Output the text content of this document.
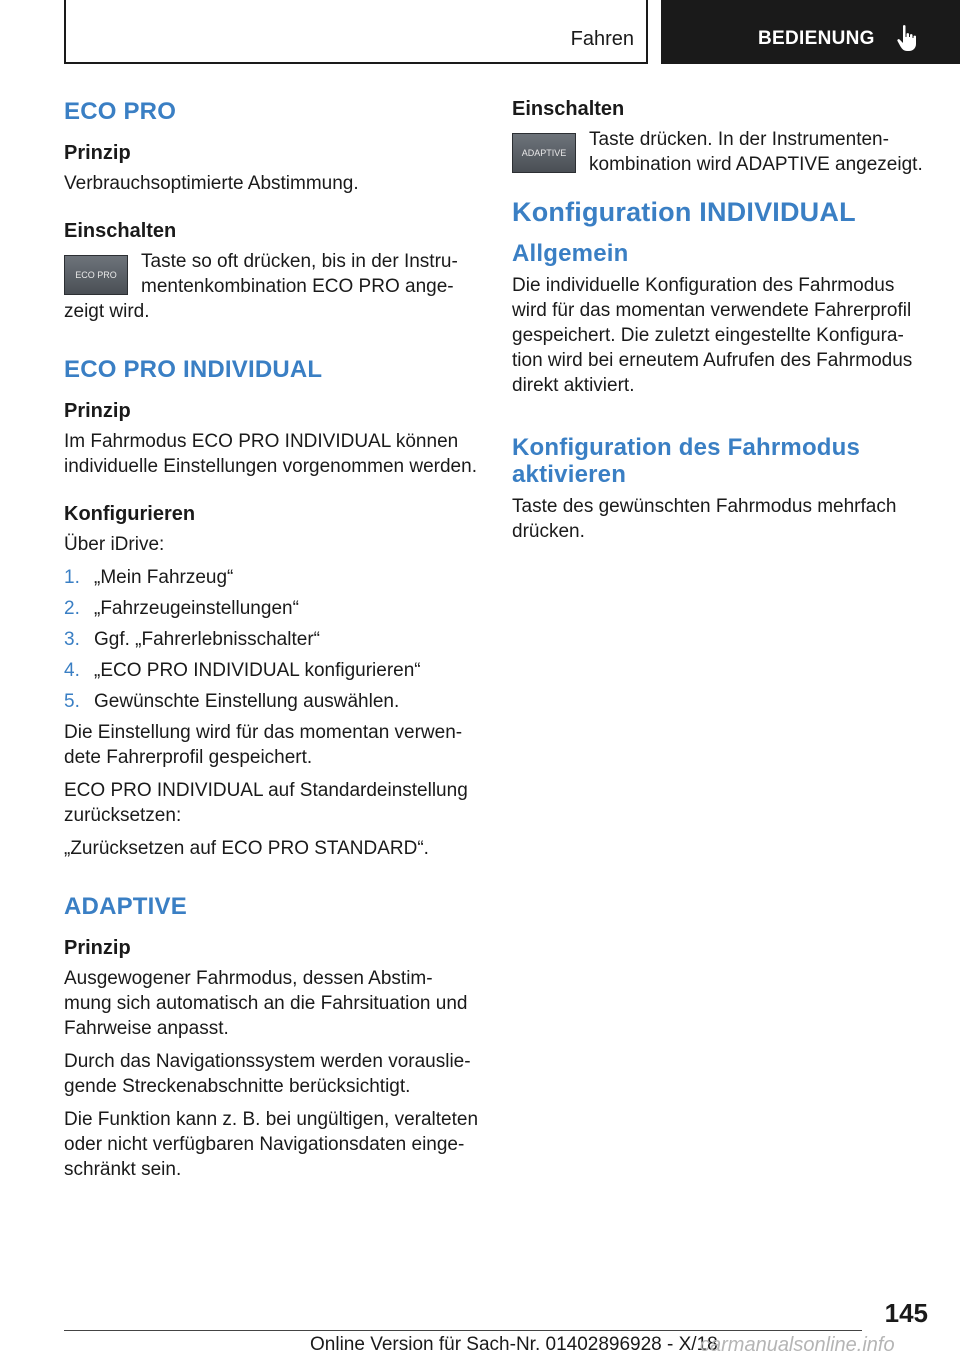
Fahren	BEDIENUNG
ECO PRO
Prinzip

Verbrauchsoptimierte Abstimmung.

Einschalten
ECO PRO

Taste so oft drücken, bis in der Instru-
mentenkombination ECO PRO ange-

zeigt wird.

ECO PRO INDIVIDUAL
Prinzip

Im Fahrmodus ECO PRO INDIVIDUAL können individuelle Einstellungen vorgenommen werden.

Konfigurieren

Über iDrive:

1. „Mein Fahrzeug“
2. „Fahrzeugeinstellungen“
3. Ggf. „Fahrerlebnisschalter“
4. „ECO PRO INDIVIDUAL konfigurieren“
5. Gewünschte Einstellung auswählen.

Die Einstellung wird für das momentan verwen-dete Fahrerprofil gespeichert.

ECO PRO INDIVIDUAL auf Standardeinstellung zurücksetzen:

„Zurücksetzen auf ECO PRO STANDARD“.

ADAPTIVE
Prinzip

Ausgewogener Fahrmodus, dessen Abstim-mung sich automatisch an die Fahrsituation und Fahrweise anpasst.

Durch das Navigationssystem werden vorauslie-gende Streckenabschnitte berücksichtigt.

Die Funktion kann z. B. bei ungültigen, veralteten oder nicht verfügbaren Navigationsdaten einge-schränkt sein.

Einschalten
ADAPTIVE

Taste drücken. In der Instrumenten-kombination wird ADAPTIVE angezeigt.

Konfiguration INDIVIDUAL
Allgemein

Die individuelle Konfiguration des Fahrmodus wird für das momentan verwendete Fahrerprofil gespeichert. Die zuletzt eingestellte Konfigura-tion wird bei erneutem Aufrufen des Fahrmodus direkt aktiviert.

Konfiguration des Fahrmodus aktivieren

Taste des gewünschten Fahrmodus mehrfach drücken.

145
Online Version für Sach-Nr. 01402896928 - X/18
carmanualsonline.info
